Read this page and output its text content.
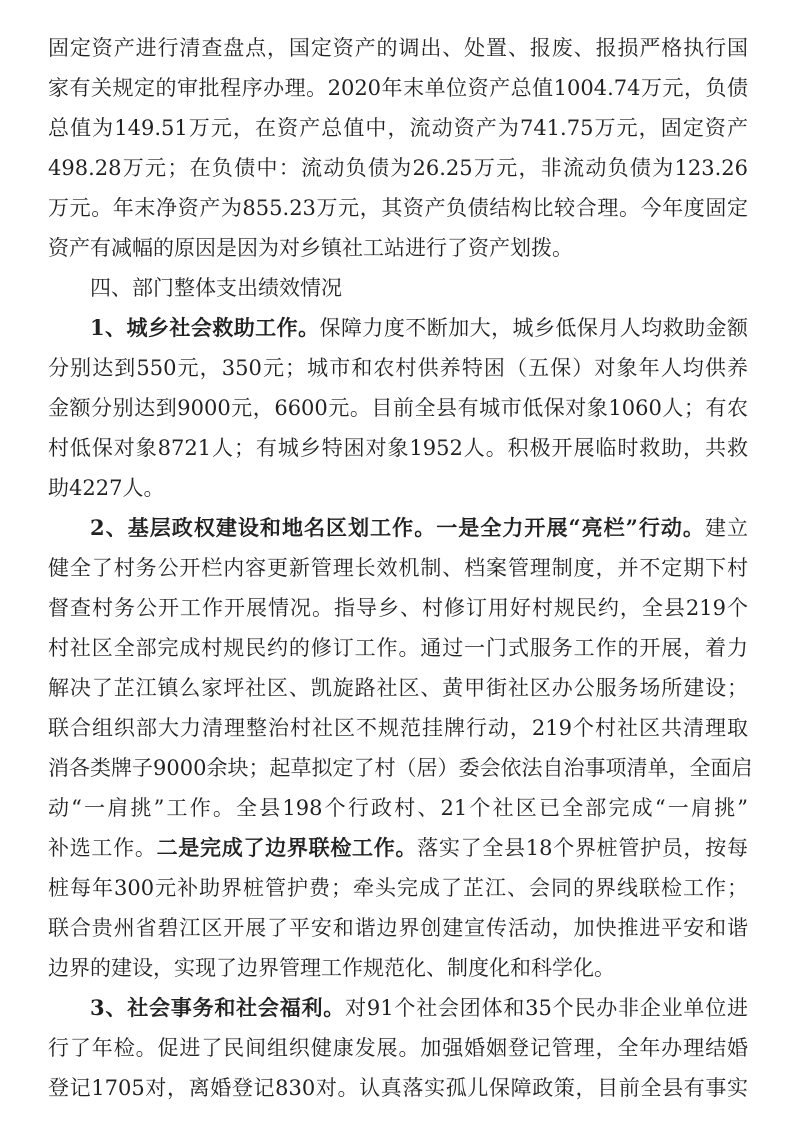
固定资产进行清查盘点，国定资产的调出、处置、报废、报损严格执行国
家有关规定的审批程序办理。2020年末单位资产总值1004.74万元，负债
总值为149.51万元，在资产总值中，流动资产为741.75万元，固定资产
498.28万元；在负债中：流动负债为26.25万元，非流动负债为123.26
万元。年末净资产为855.23万元，其资产负债结构比较合理。今年度固定
资产有减幅的原因是因为对乡镇社工站进行了资产划拨。
四、部门整体支出绩效情况
1、城乡社会救助工作。保障力度不断加大，城乡低保月人均救助金额
分别达到550元，350元；城市和农村供养特困（五保）对象年人均供养
金额分别达到9000元，6600元。目前全县有城市低保对象1060人；有农
村低保对象8721人；有城乡特困对象1952人。积极开展临时救助，共救
助4227人。
2、基层政权建设和地名区划工作。一是全力开展“亮栏”行动。建立
健全了村务公开栏内容更新管理长效机制、档案管理制度，并不定期下村
督查村务公开工作开展情况。指导乡、村修订用好村规民约，全县219个
村社区全部完成村规民约的修订工作。通过一门式服务工作的开展，着力
解决了芷江镇么家坪社区、凯旋路社区、黄甲街社区办公服务场所建设；
联合组织部大力清理整治村社区不规范挂牌行动，219个村社区共清理取
消各类牌子9000余块；起草拟定了村（居）委会依法自治事项清单，全面启
动“一肩挑”工作。全县198个行政村、21个社区已全部完成“一肩挑”
补选工作。二是完成了边界联检工作。落实了全县18个界桩管护员，按每
桩每年300元补助界桩管护费；牵头完成了芷江、会同的界线联检工作；
联合贵州省碧江区开展了平安和谐边界创建宣传活动，加快推进平安和谐
边界的建设，实现了边界管理工作规范化、制度化和科学化。
3、社会事务和社会福利。对91个社会团体和35个民办非企业单位进
行了年检。促进了民间组织健康发展。加强婚姻登记管理，全年办理结婚
登记1705对，离婚登记830对。认真落实孤儿保障政策，目前全县有事实
